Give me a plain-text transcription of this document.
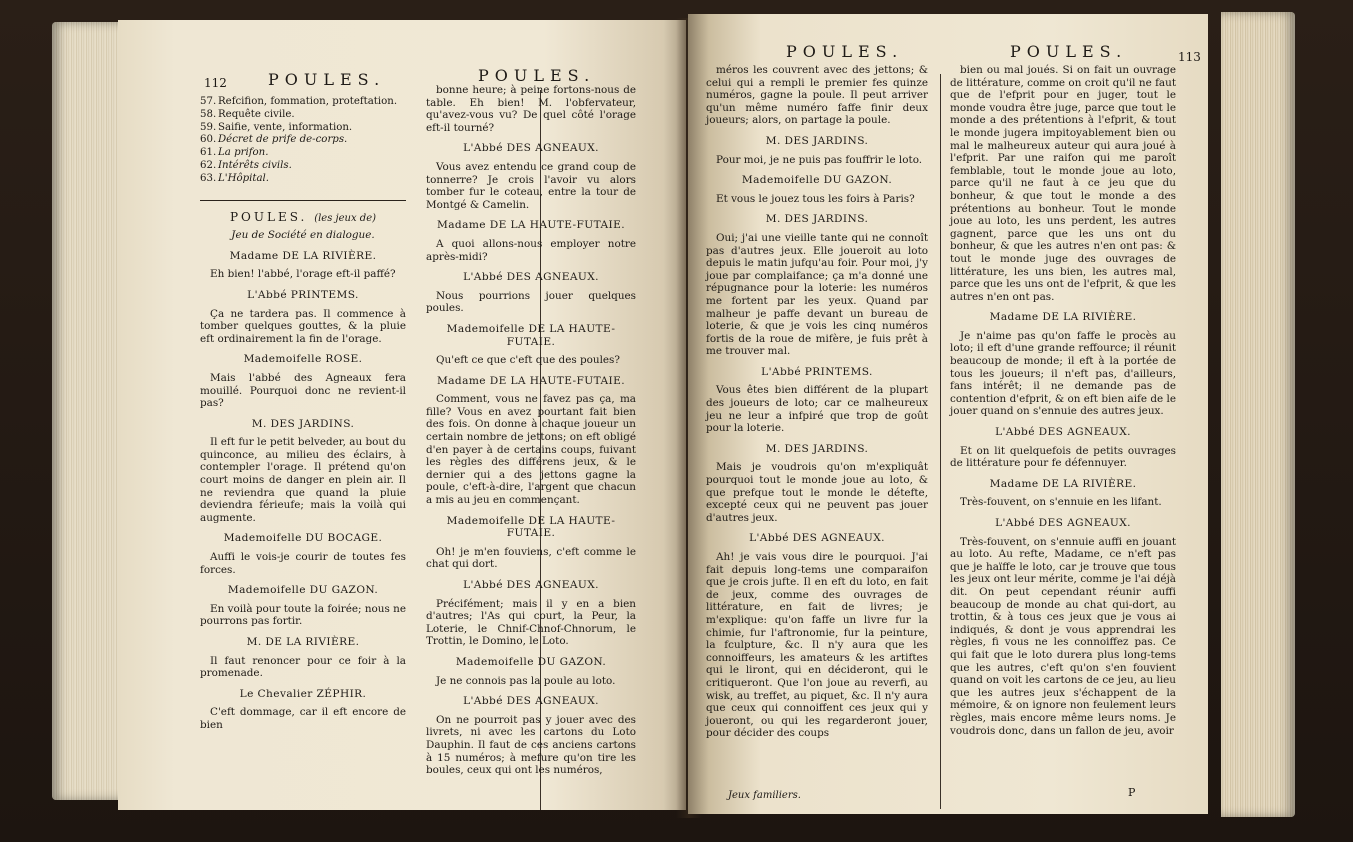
112	POULES.	POULES.
57. Refcifion, fommation, proteftation.
58. Requête civile.
59. Saifie, vente, information.
60. Décret de prife de-corps.
61. La prifon.
62. Intérêts civils.
63. L'Hôpital.
POULES. (les jeux de)
Jeu de Société en dialogue.
Madame DE LA RIVIÈRE.
Eh bien! l'abbé, l'orage eft-il paffé?
L'Abbé PRINTEMS.
Ça ne tardera pas. Il commence à tomber quelques gouttes, & la pluie eft ordinairement la fin de l'orage.
Mademoifelle ROSE.
Mais l'abbé des Agneaux fera mouillé. Pourquoi donc ne revient-il pas?
M. DES JARDINS.
Il eft fur le petit belveder, au bout du quinconce, au milieu des éclairs, à contempler l'orage. Il prétend qu'on court moins de danger en plein air. Il ne reviendra que quand la pluie deviendra férieufe; mais la voilà qui augmente.
Mademoifelle DU BOCAGE.
Auffi le vois-je courir de toutes fes forces.
Mademoifelle DU GAZON.
En voilà pour toute la foirée; nous ne pourrons pas fortir.
M. DE LA RIVIÈRE.
Il faut renoncer pour ce foir à la promenade.
Le Chevalier ZÉPHIR.
C'eft dommage, car il eft encore de bien
bonne heure; à peine fortons-nous de table. Eh bien! M. l'obfervateur, qu'avez-vous vu? De quel côté l'orage eft-il tourné?
L'Abbé DES AGNEAUX.
Vous avez entendu ce grand coup de tonnerre? Je crois l'avoir vu alors tomber fur le coteau, entre la tour de Montgé & Camelin.
Madame DE LA HAUTE-FUTAIE.
A quoi allons-nous employer notre après-midi?
L'Abbé DES AGNEAUX.
Nous pourrions jouer quelques poules.
Mademoifelle DE LA HAUTE-FUTAIE.
Qu'eft ce que c'eft que des poules?
Madame DE LA HAUTE-FUTAIE.
Comment, vous ne favez pas ça, ma fille? Vous en avez pourtant fait bien des fois. On donne à chaque joueur un certain nombre de jettons; on eft obligé d'en payer à de certains coups, fuivant les règles des différens jeux, & le dernier qui a des jettons gagne la poule, c'eft-à-dire, l'argent que chacun a mis au jeu en commençant.
Mademoifelle DE LA HAUTE-FUTAIE.
Oh! je m'en fouviens, c'eft comme le chat qui dort.
L'Abbé DES AGNEAUX.
Précifément; mais il y en a bien d'autres; l'As qui court, la Peur, la Loterie, le Chnif-Chnof-Chnorum, le Trottin, le Domino, le Loto.
Mademoifelle DU GAZON.
Je ne connois pas la poule au loto.
L'Abbé DES AGNEAUX.
On ne pourroit pas y jouer avec des livrets, ni avec les cartons du Loto Dauphin. Il faut de ces anciens cartons à 15 numéros; à mefure qu'on tire les boules, ceux qui ont les numéros,
POULES.	POULES.	113
méros les couvrent avec des jettons; & celui qui a rempli le premier fes quinze numéros, gagne la poule. Il peut arriver qu'un même numéro faffe finir deux joueurs; alors, on partage la poule.
M. DES JARDINS.
Pour moi, je ne puis pas fouffrir le loto.
Mademoifelle DU GAZON.
Et vous le jouez tous les foirs à Paris?
M. DES JARDINS.
Oui; j'ai une vieille tante qui ne connoît pas d'autres jeux. Elle joueroit au loto depuis le matin jufqu'au foir. Pour moi, j'y joue par complaifance; ça m'a donné une répugnance pour la loterie: les numéros me fortent par les yeux. Quand par malheur je paffe devant un bureau de loterie, & que je vois les cinq numéros fortis de la roue de mifère, je fuis prêt à me trouver mal.
L'Abbé PRINTEMS.
Vous êtes bien différent de la plupart des joueurs de loto; car ce malheureux jeu ne leur a infpiré que trop de goût pour la loterie.
M. DES JARDINS.
Mais je voudrois qu'on m'expliquât pourquoi tout le monde joue au loto, & que prefque tout le monde le détefte, excepté ceux qui ne peuvent pas jouer d'autres jeux.
L'Abbé DES AGNEAUX.
Ah! je vais vous dire le pourquoi. J'ai fait depuis long-tems une comparaifon que je crois jufte. Il en eft du loto, en fait de jeux, comme des ouvrages de littérature, en fait de livres; je m'explique: qu'on faffe un livre fur la chimie, fur l'aftronomie, fur la peinture, la fculpture, &c. Il n'y aura que les connoiffeurs, les amateurs & les artiftes qui le liront, qui en décideront, qui le critiqueront. Que l'on joue au reverfi, au wisk, au treffet, au piquet, &c. Il n'y aura que ceux qui connoiffent ces jeux qui y joueront, ou qui les regarderont jouer, pour décider des coups
Jeux familiers.
bien ou mal joués. Si on fait un ouvrage de littérature, comme on croit qu'il ne faut que de l'efprit pour en juger, tout le monde voudra être juge, parce que tout le monde a des prétentions à l'efprit, & tout le monde jugera impitoyablement bien ou mal le malheureux auteur qui aura joué à l'efprit. Par une raifon qui me paroît femblable, tout le monde joue au loto, parce qu'il ne faut à ce jeu que du bonheur, & que tout le monde a des prétentions au bonheur. Tout le monde joue au loto, les uns perdent, les autres gagnent, parce que les uns ont du bonheur, & que les autres n'en ont pas: & tout le monde juge des ouvrages de littérature, les uns bien, les autres mal, parce que les uns ont de l'efprit, & que les autres n'en ont pas.
Madame DE LA RIVIÈRE.
Je n'aime pas qu'on faffe le procès au loto; il eft d'une grande reffource; il réunit beaucoup de monde; il eft à la portée de tous les joueurs; il n'eft pas, d'ailleurs, fans intérêt; il ne demande pas de contention d'efprit, & on eft bien aife de le jouer quand on s'ennuie des autres jeux.
L'Abbé DES AGNEAUX.
Et on lit quelquefois de petits ouvrages de littérature pour fe défennuyer.
Madame DE LA RIVIÈRE.
Très-fouvent, on s'ennuie en les lifant.
L'Abbé DES AGNEAUX.
Très-fouvent, on s'ennuie auffi en jouant au loto. Au refte, Madame, ce n'eft pas que je haïffe le loto, car je trouve que tous les jeux ont leur mérite, comme je l'ai déjà dit. On peut cependant réunir auffi beaucoup de monde au chat qui-dort, au trottin, & à tous ces jeux que je vous ai indiqués, & dont je vous apprendrai les règles, fi vous ne les connoiffez pas. Ce qui fait que le loto durera plus long-tems que les autres, c'eft qu'on s'en fouvient quand on voit les cartons de ce jeu, au lieu que les autres jeux s'échappent de la mémoire, & on ignore non feulement leurs règles, mais encore même leurs noms. Je voudrois donc, dans un fallon de jeu, avoir
P
